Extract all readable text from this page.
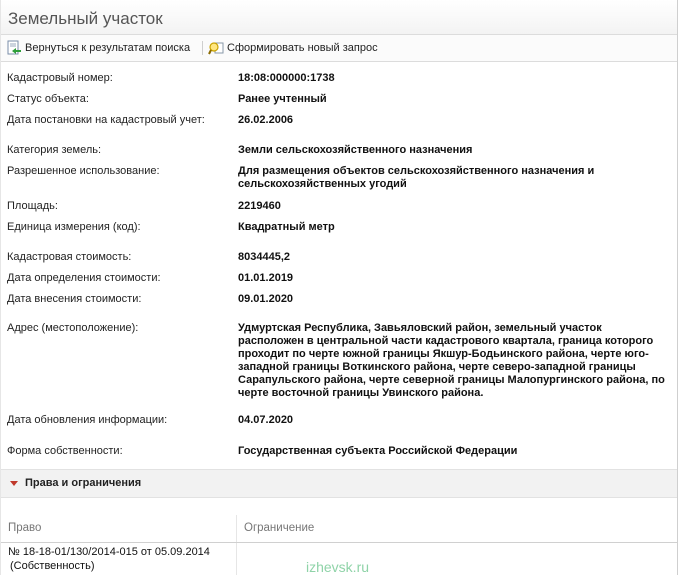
Земельный участок
Вернуться к результатам поиска	Сформировать новый запрос
Кадастровый номер:	18:08:000000:1738
Статус объекта:	Ранее учтенный
Дата постановки на кадастровый учет:	26.02.2006
Категория земель:	Земли сельскохозяйственного назначения
Разрешенное использование:	Для размещения объектов сельскохозяйственного назначения и сельскохозяйственных угодий
Площадь:	2219460
Единица измерения (код):	Квадратный метр
Кадастровая стоимость:	8034445,2
Дата определения стоимости:	01.01.2019
Дата внесения стоимости:	09.01.2020
Адрес (местоположение):	Удмуртская Республика, Завьяловский район, земельный участок расположен в центральной части кадастрового квартала, граница которого проходит по черте южной границы Якшур-Бодьинского района, черте юго-западной границы Воткинского района, черте северо-западной границы Сарапульского района, черте северной границы Малопургинского района, по черте восточной границы Увинского района.
Дата обновления информации:	04.07.2020
Форма собственности:	Государственная субъекта Российской Федерации
Права и ограничения
Право	Ограничение
№ 18-18-01/130/2014-015 от 05.09.2014
(Собственность)	izhevsk.ru
